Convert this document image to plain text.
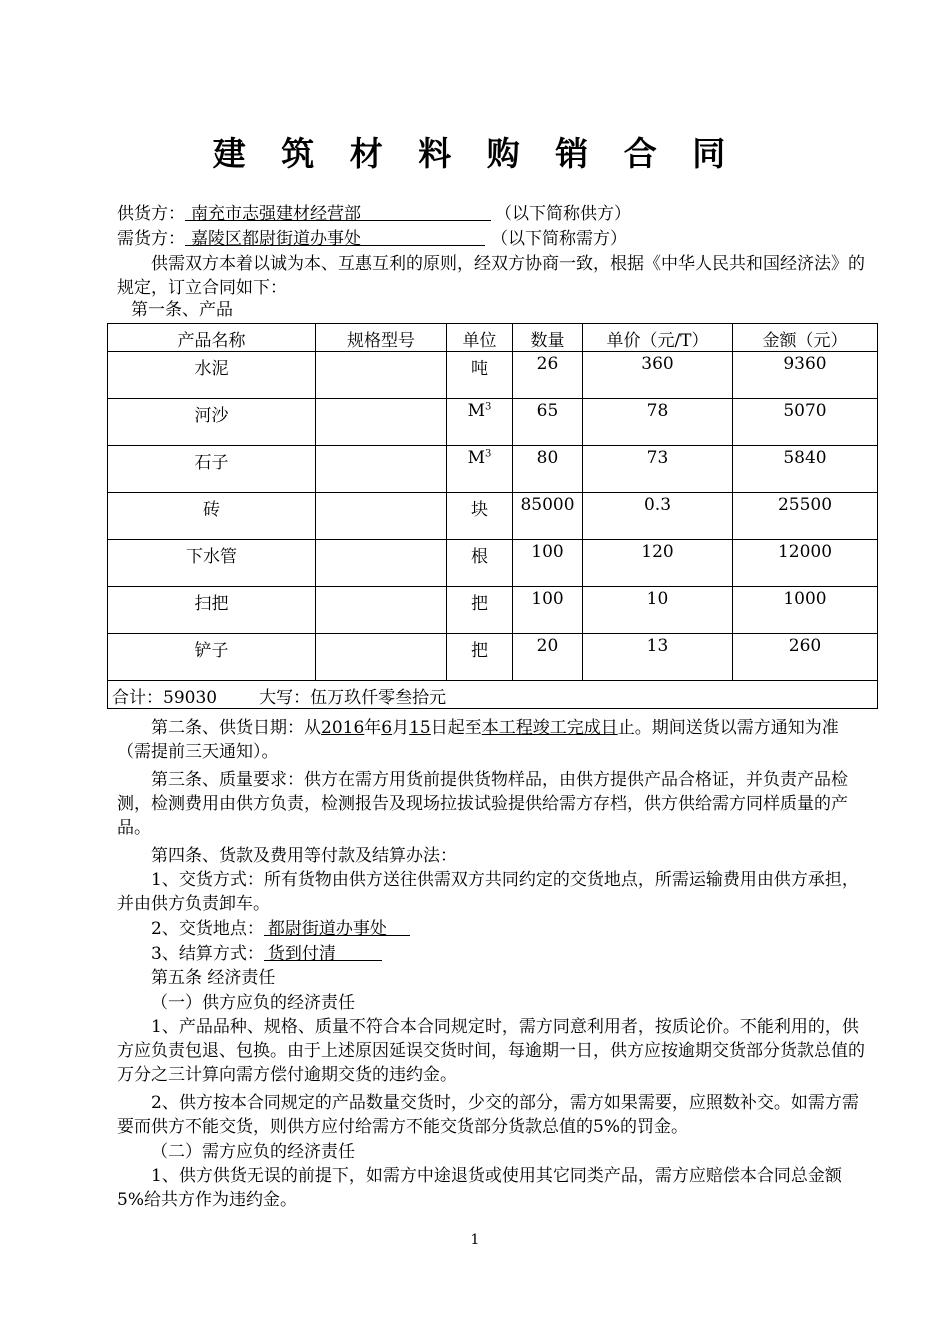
建 筑 材 料 购 销 合 同
供货方： 南充市志强建材经营部	（以下简称供方）
需货方： 嘉陵区都尉街道办事处	（以下简称需方）
供需双方本着以诚为本、互惠互利的原则，经双方协商一致，根据《中华人民共和国经济法》的规定，订立合同如下：
第一条、产品
产品名称	规格型号	单位	数量	单价（元/T）	金额（元）
水泥		吨	26	360	9360
河沙		$M^3$	65	78	5070
石子		$M^3$	80	73	5840
砖		块	85000	0.3	25500
下水管		根	100	120	12000
扫把		把	100	10	1000
铲子		把	20	13	260
合计：59030 大写：伍万玖仟零叁拾元					
第二条、供货日期：从2016年6月15日起至本工程竣工完成日止。期间送货以需方通知为准（需提前三天通知）。
第三条、质量要求：供方在需方用货前提供货物样品，由供方提供产品合格证，并负责产品检测，检测费用由供方负责，检测报告及现场拉拔试验提供给需方存档，供方供给需方同样质量的产品。
第四条、货款及费用等付款及结算办法：
1、交货方式：所有货物由供方送往供需双方共同约定的交货地点，所需运输费用由供方承担，并由供方负责卸车。
2、交货地点： 都尉街道办事处
3、结算方式： 货到付清
第五条 经济责任
（一）供方应负的经济责任
1、产品品种、规格、质量不符合本合同规定时，需方同意利用者，按质论价。不能利用的，供方应负责包退、包换。由于上述原因延误交货时间，每逾期一日，供方应按逾期交货部分货款总值的万分之三计算向需方偿付逾期交货的违约金。
2、供方按本合同规定的产品数量交货时，少交的部分，需方如果需要，应照数补交。如需方需要而供方不能交货，则供方应付给需方不能交货部分货款总值的5%的罚金。
（二）需方应负的经济责任
1、供方供货无误的前提下，如需方中途退货或使用其它同类产品，需方应赔偿本合同总金额5%给共方作为违约金。
1
